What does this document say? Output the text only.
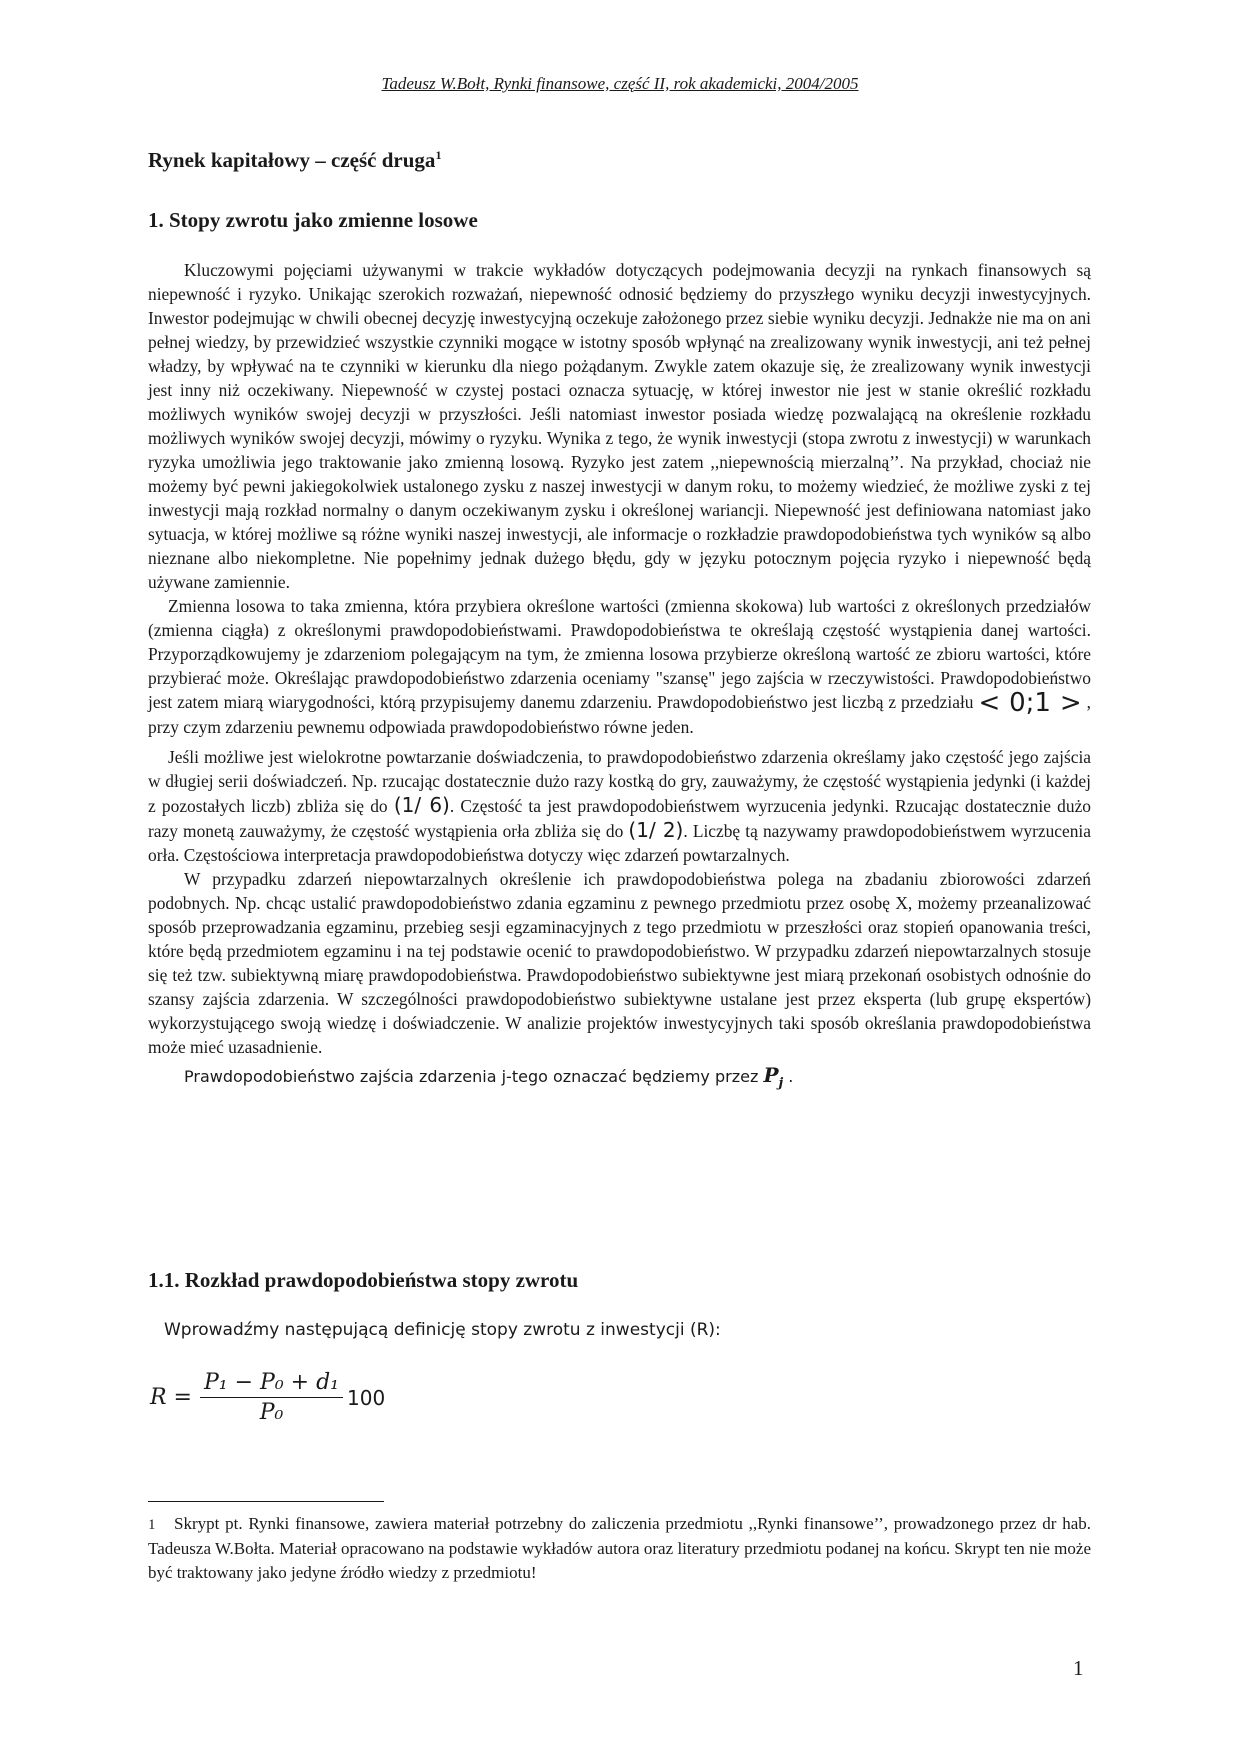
Tadeusz W.Bołt, Rynki finansowe, część II, rok akademicki, 2004/2005
Rynek kapitałowy – część druga$^1$
1. Stopy zwrotu jako zmienne losowe

Kluczowymi pojęciami używanymi w trakcie wykładów dotyczących podejmowania decyzji na rynkach finansowych są niepewność i ryzyko. Unikając szerokich rozważań, niepewność odnosić będziemy do przyszłego wyniku decyzji inwestycyjnych. Inwestor podejmując w chwili obecnej decyzję inwestycyjną oczekuje założonego przez siebie wyniku decyzji. Jednakże nie ma on ani pełnej wiedzy, by przewidzieć wszystkie czynniki mogące w istotny sposób wpłynąć na zrealizowany wynik inwestycji, ani też pełnej władzy, by wpływać na te czynniki w kierunku dla niego pożądanym. Zwykle zatem okazuje się, że zrealizowany wynik inwestycji jest inny niż oczekiwany. Niepewność w czystej postaci oznacza sytuację, w której inwestor nie jest w stanie określić rozkładu możliwych wyników swojej decyzji w przyszłości. Jeśli natomiast inwestor posiada wiedzę pozwalającą na określenie rozkładu możliwych wyników swojej decyzji, mówimy o ryzyku. Wynika z tego, że wynik inwestycji (stopa zwrotu z inwestycji) w warunkach ryzyka umożliwia jego traktowanie jako zmienną losową. Ryzyko jest zatem ,,niepewnością mierzalną’’. Na przykład, chociaż nie możemy być pewni jakiegokolwiek ustalonego zysku z naszej inwestycji w danym roku, to możemy wiedzieć, że możliwe zyski z tej inwestycji mają rozkład normalny o danym oczekiwanym zysku i określonej wariancji. Niepewność jest definiowana natomiast jako sytuacja, w której możliwe są różne wyniki naszej inwestycji, ale informacje o rozkładzie prawdopodobieństwa tych wyników są albo nieznane albo niekompletne. Nie popełnimy jednak dużego błędu, gdy w języku potocznym pojęcia ryzyko i niepewność będą używane zamiennie.

Zmienna losowa to taka zmienna, która przybiera określone wartości (zmienna skokowa) lub wartości z określonych przedziałów (zmienna ciągła) z określonymi prawdopodobieństwami. Prawdopodobieństwa te określają częstość wystąpienia danej wartości. Przyporządkowujemy je zdarzeniom polegającym na tym, że zmienna losowa przybierze określoną wartość ze zbioru wartości, które przybierać może. Określając prawdopodobieństwo zdarzenia oceniamy "szansę" jego zajścia w rzeczywistości. Prawdopodobieństwo jest zatem miarą wiarygodności, którą przypisujemy danemu zdarzeniu. Prawdopodobieństwo jest liczbą z przedziału < 0;1 > , przy czym zdarzeniu pewnemu odpowiada prawdopodobieństwo równe jeden.

Jeśli możliwe jest wielokrotne powtarzanie doświadczenia, to prawdopodobieństwo zdarzenia określamy jako częstość jego zajścia w długiej serii doświadczeń. Np. rzucając dostatecznie dużo razy kostką do gry, zauważymy, że częstość wystąpienia jedynki (i każdej z pozostałych liczb) zbliża się do (1/ 6). Częstość ta jest prawdopodobieństwem wyrzucenia jedynki. Rzucając dostatecznie dużo razy monetą zauważymy, że częstość wystąpienia orła zbliża się do (1/ 2). Liczbę tą nazywamy prawdopodobieństwem wyrzucenia orła. Częstościowa interpretacja prawdopodobieństwa dotyczy więc zdarzeń powtarzalnych.

W przypadku zdarzeń niepowtarzalnych określenie ich prawdopodobieństwa polega na zbadaniu zbiorowości zdarzeń podobnych. Np. chcąc ustalić prawdopodobieństwo zdania egzaminu z pewnego przedmiotu przez osobę X, możemy przeanalizować sposób przeprowadzania egzaminu, przebieg sesji egzaminacyjnych z tego przedmiotu w przeszłości oraz stopień opanowania treści, które będą przedmiotem egzaminu i na tej podstawie ocenić to prawdopodobieństwo. W przypadku zdarzeń niepowtarzalnych stosuje się też tzw. subiektywną miarę prawdopodobieństwa. Prawdopodobieństwo subiektywne jest miarą przekonań osobistych odnośnie do szansy zajścia zdarzenia. W szczególności prawdopodobieństwo subiektywne ustalane jest przez eksperta (lub grupę ekspertów) wykorzystującego swoją wiedzę i doświadczenie. W analizie projektów inwestycyjnych taki sposób określania prawdopodobieństwa może mieć uzasadnienie.

Prawdopodobieństwo zajścia zdarzenia j-tego oznaczać będziemy przez $P_j$ .

1.1. Rozkład prawdopodobieństwa stopy zwrotu
Wprowadźmy następującą definicję stopy zwrotu z inwestycji (R):
$R = \frac{\text{P₁ − P₀ + d₁}}{\text{P₀}} 100$
1 Skrypt pt. Rynki finansowe, zawiera materiał potrzebny do zaliczenia przedmiotu ,,Rynki finansowe’’, prowadzonego przez dr hab. Tadeusza W.Bołta. Materiał opracowano na podstawie wykładów autora oraz literatury przedmiotu podanej na końcu. Skrypt ten nie może być traktowany jako jedyne źródło wiedzy z przedmiotu!
1
